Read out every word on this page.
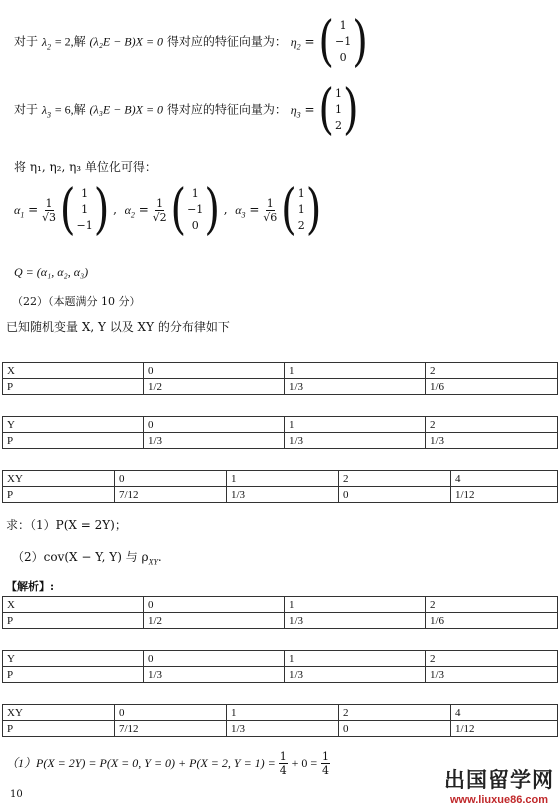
对于 $\lambda_2 = 2$,解 (λ₂E − B)X = 0 得对应的特征向量为： $\eta_2$ = ( 1
−1
0 )
对于 $\lambda_3 = 6$,解 (λ₃E − B)X = 0 得对应的特征向量为： $\eta_3$ = ( 1
1
2 )
将 η₁, η₂, η₃ 单位化可得：
$\alpha_1 = \frac{1}{√3}$
( 1
1
−1 ) ,  $\alpha_2 = \frac{1}{√2}$
( 1
−1
0 ) ,  $\alpha_3 = \frac{1}{√6}$
( 1
1
2 )
Q = (α₁, α₂, α₃)
（22）（本题满分 10 分）
已知随机变量 X, Y 以及 XY 的分布律如下
X	0	1	2
P	1/2	1/3	1/6
Y	0	1	2
P	1/3	1/3	1/3
XY	0	1	2	4
P	7/12	1/3	0	1/12
求：（1）P(X = 2Y)；
（2）cov(X − Y, Y) 与 $\rho_{XY}$.
【解析】:
X	0	1	2
P	1/2	1/3	1/6
Y	0	1	2
P	1/3	1/3	1/3
XY	0	1	2	4
P	7/12	1/3	0	1/12
（1）P(X = 2Y) = P(X = 0, Y = 0) + P(X = 2, $Y = 1) = \frac{1}{4} + 0 = \frac{1}{4}$
10
出国留学网
www.liuxue86.com
